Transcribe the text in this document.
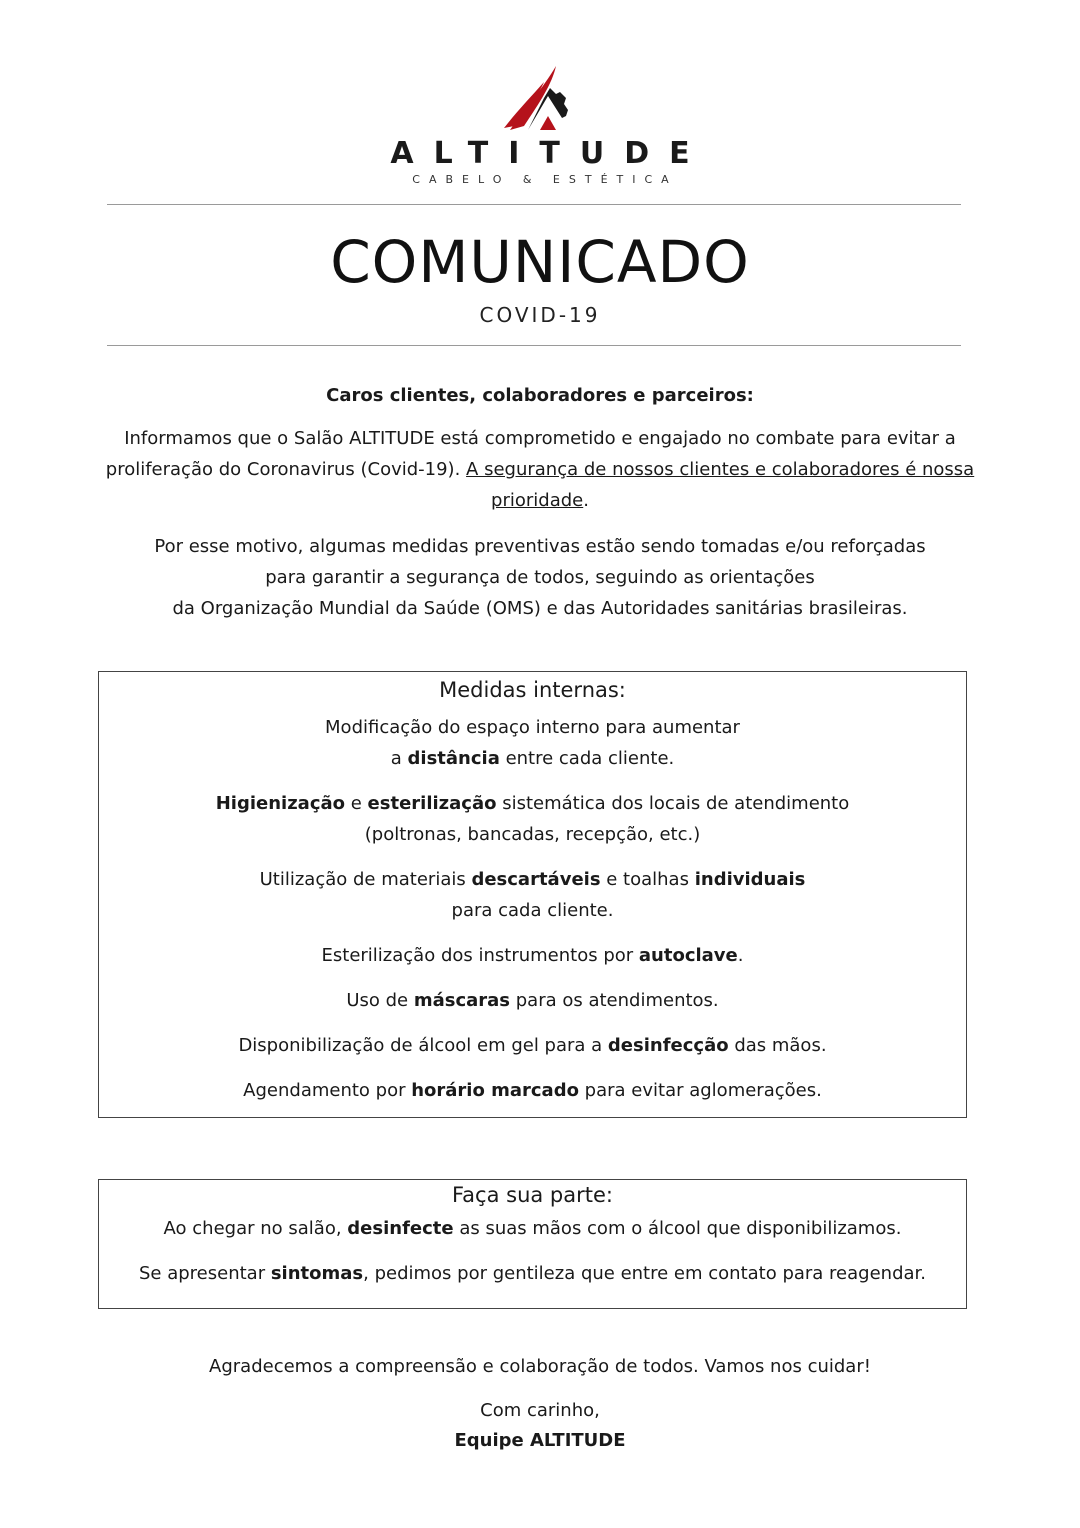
ALTITUDE
CABELO & ESTÉTICA
COMUNICADO
COVID-19

Caros clientes, colaboradores e parceiros:

Informamos que o Salão ALTITUDE está comprometido e engajado no combate para evitar a proliferação do Coronavirus (Covid-19). A segurança de nossos clientes e colaboradores é nossa prioridade.

Por esse motivo, algumas medidas preventivas estão sendo tomadas e/ou reforçadas
para garantir a segurança de todos, seguindo as orientações
da Organização Mundial da Saúde (OMS) e das Autoridades sanitárias brasileiras.

Medidas internas:

Modificação do espaço interno para aumentar
a distância entre cada cliente.

Higienização e esterilização sistemática dos locais de atendimento
(poltronas, bancadas, recepção, etc.)

Utilização de materiais descartáveis e toalhas individuais
para cada cliente.

Esterilização dos instrumentos por autoclave.

Uso de máscaras para os atendimentos.

Disponibilização de álcool em gel para a desinfecção das mãos.

Agendamento por horário marcado para evitar aglomerações.

Faça sua parte:

Ao chegar no salão, desinfecte as suas mãos com o álcool que disponibilizamos.

Se apresentar sintomas, pedimos por gentileza que entre em contato para reagendar.

Agradecemos a compreensão e colaboração de todos. Vamos nos cuidar!

Com carinho,

Equipe ALTITUDE
